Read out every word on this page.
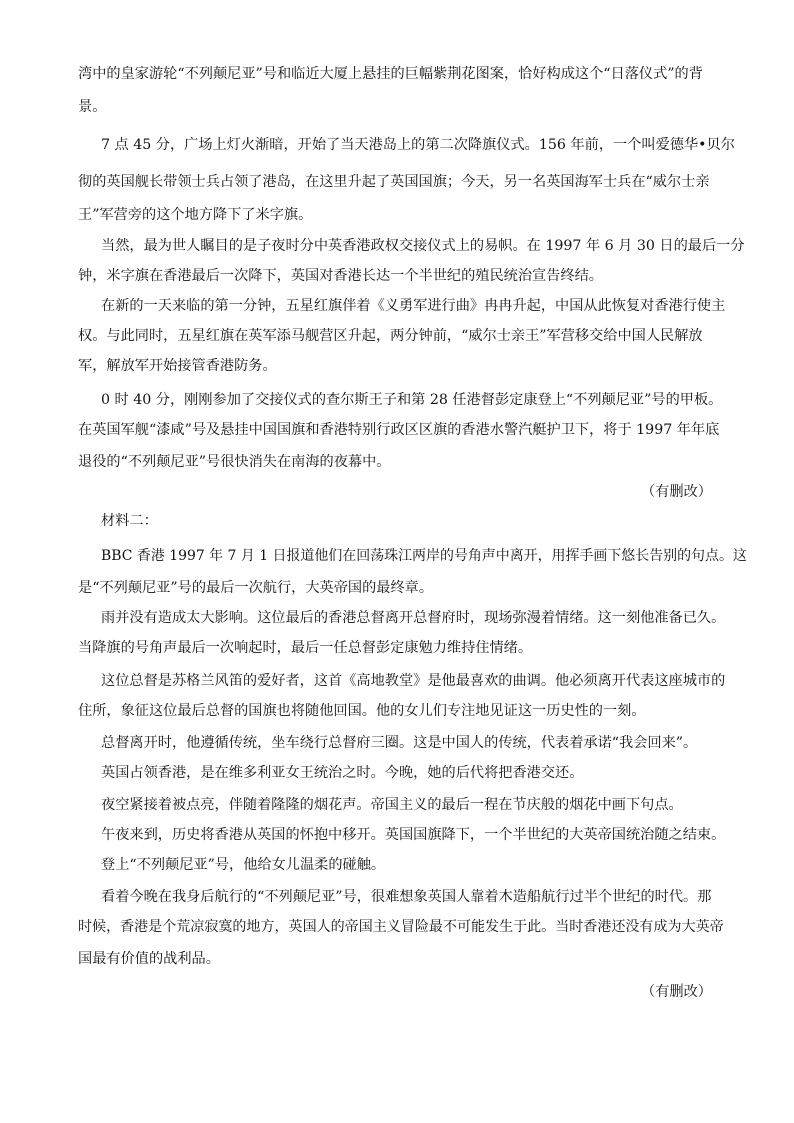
湾中的皇家游轮“不列颠尼亚”号和临近大厦上悬挂的巨幅紫荆花图案，恰好构成这个“日落仪式”的背
景。
7 点 45 分，广场上灯火渐暗，开始了当天港岛上的第二次降旗仪式。156 年前，一个叫爱德华•贝尔
彻的英国舰长带领士兵占领了港岛，在这里升起了英国国旗；今天，另一名英国海军士兵在“威尔士亲
王”军营旁的这个地方降下了米字旗。
当然，最为世人瞩目的是子夜时分中英香港政权交接仪式上的易帜。在 1997 年 6 月 30 日的最后一分
钟，米字旗在香港最后一次降下，英国对香港长达一个半世纪的殖民统治宣告终结。
在新的一天来临的第一分钟，五星红旗伴着《义勇军进行曲》冉冉升起，中国从此恢复对香港行使主
权。与此同时，五星红旗在英军添马舰营区升起，两分钟前，“威尔士亲王”军营移交给中国人民解放
军，解放军开始接管香港防务。
0 时 40 分，刚刚参加了交接仪式的查尔斯王子和第 28 任港督彭定康登上“不列颠尼亚”号的甲板。
在英国军舰“漆咸”号及悬挂中国国旗和香港特别行政区区旗的香港水警汽艇护卫下，将于 1997 年年底
退役的“不列颠尼亚”号很快消失在南海的夜幕中。
（有删改）
材料二：
BBC 香港 1997 年 7 月 1 日报道他们在回荡珠江两岸的号角声中离开，用挥手画下悠长告别的句点。这
是“不列颠尼亚”号的最后一次航行，大英帝国的最终章。
雨并没有造成太大影响。这位最后的香港总督离开总督府时，现场弥漫着情绪。这一刻他准备已久。
当降旗的号角声最后一次响起时，最后一任总督彭定康勉力维持住情绪。
这位总督是苏格兰风笛的爱好者，这首《高地教堂》是他最喜欢的曲调。他必须离开代表这座城市的
住所，象征这位最后总督的国旗也将随他回国。他的女儿们专注地见证这一历史性的一刻。
总督离开时，他遵循传统，坐车绕行总督府三圈。这是中国人的传统，代表着承诺“我会回来”。
英国占领香港，是在维多利亚女王统治之时。今晚，她的后代将把香港交还。
夜空紧接着被点亮，伴随着隆隆的烟花声。帝国主义的最后一程在节庆般的烟花中画下句点。
午夜来到，历史将香港从英国的怀抱中移开。英国国旗降下，一个半世纪的大英帝国统治随之结束。
登上“不列颠尼亚”号，他给女儿温柔的碰触。
看着今晚在我身后航行的“不列颠尼亚”号，很难想象英国人靠着木造船航行过半个世纪的时代。那
时候，香港是个荒凉寂寞的地方，英国人的帝国主义冒险最不可能发生于此。当时香港还没有成为大英帝
国最有价值的战利品。
（有删改）
